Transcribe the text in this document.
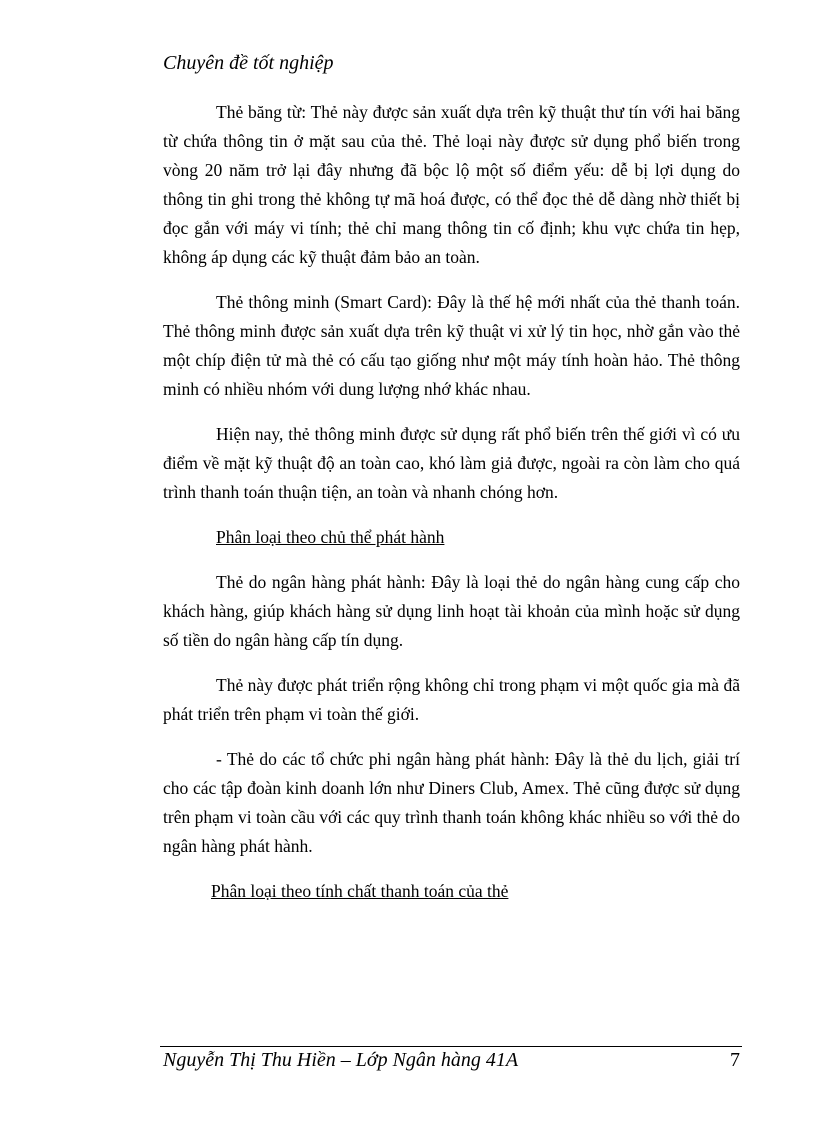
Chuyên đề tốt nghiệp

Thẻ băng từ: Thẻ này được sản xuất dựa trên kỹ thuật thư tín với hai băng từ chứa thông tin ở mặt sau của thẻ. Thẻ loại này được sử dụng phổ biến trong vòng 20 năm trở lại đây nhưng đã bộc lộ một số điểm yếu: dễ bị lợi dụng do thông tin ghi trong thẻ không tự mã hoá được, có thể đọc thẻ dễ dàng nhờ thiết bị đọc gắn với máy vi tính; thẻ chỉ mang thông tin cố định; khu vực chứa tin hẹp, không áp dụng các kỹ thuật đảm bảo an toàn.

Thẻ thông minh (Smart Card): Đây là thế hệ mới nhất của thẻ thanh toán. Thẻ thông minh được sản xuất dựa trên kỹ thuật vi xử lý tin học, nhờ gắn vào thẻ một chíp điện tử mà thẻ có cấu tạo giống như một máy tính hoàn hảo. Thẻ thông minh có nhiều nhóm với dung lượng nhớ khác nhau.

Hiện nay, thẻ thông minh được sử dụng rất phổ biến trên thế giới vì có ưu điểm về mặt kỹ thuật độ an toàn cao, khó làm giả được, ngoài ra còn làm cho quá trình thanh toán thuận tiện, an toàn và nhanh chóng hơn.

Phân loại theo chủ thể phát hành

Thẻ do ngân hàng phát hành: Đây là loại thẻ do ngân hàng cung cấp cho khách hàng, giúp khách hàng sử dụng linh hoạt tài khoản của mình hoặc sử dụng số tiền do ngân hàng cấp tín dụng.

Thẻ này được phát triển rộng không chỉ trong phạm vi một quốc gia mà đã phát triển trên phạm vi toàn thế giới.

- Thẻ do các tổ chức phi ngân hàng phát hành: Đây là thẻ du lịch, giải trí cho các tập đoàn kinh doanh lớn như Diners Club, Amex. Thẻ cũng được sử dụng trên phạm vi toàn cầu với các quy trình thanh toán không khác nhiều so với thẻ do ngân hàng phát hành.

Phân loại theo tính chất thanh toán của thẻ
Nguyễn Thị Thu Hiền – Lớp Ngân hàng 41A	7
